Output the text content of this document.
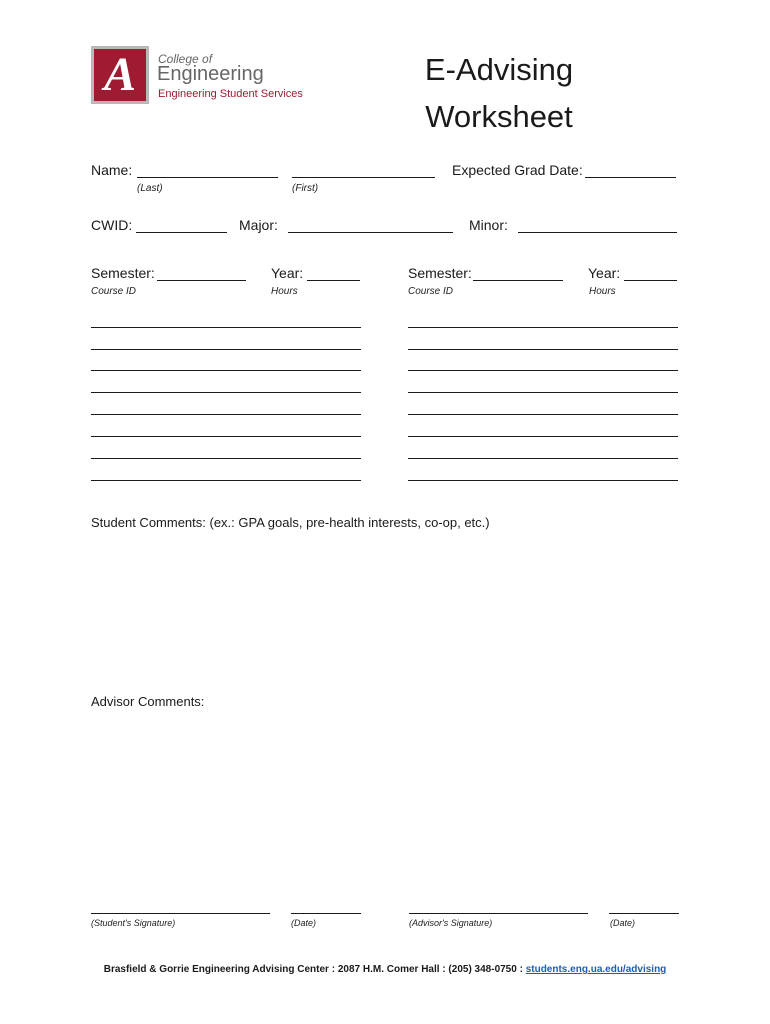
A College of
Engineering
Engineering Student Services
E-Advising
Worksheet
Name:
(Last)	(First)
Expected Grad Date:
CWID:	Major:	Minor:
Semester:	Year:
Course ID	Hours
Semester:	Year:
Course ID	Hours
Student Comments: (ex.: GPA goals, pre-health interests, co-op, etc.)
Advisor Comments:
(Student's Signature)	(Date)	(Advisor's Signature)	(Date)
Brasfield & Gorrie Engineering Advising Center : 2087 H.M. Comer Hall : (205) 348-0750 : students.eng.ua.edu/advising
